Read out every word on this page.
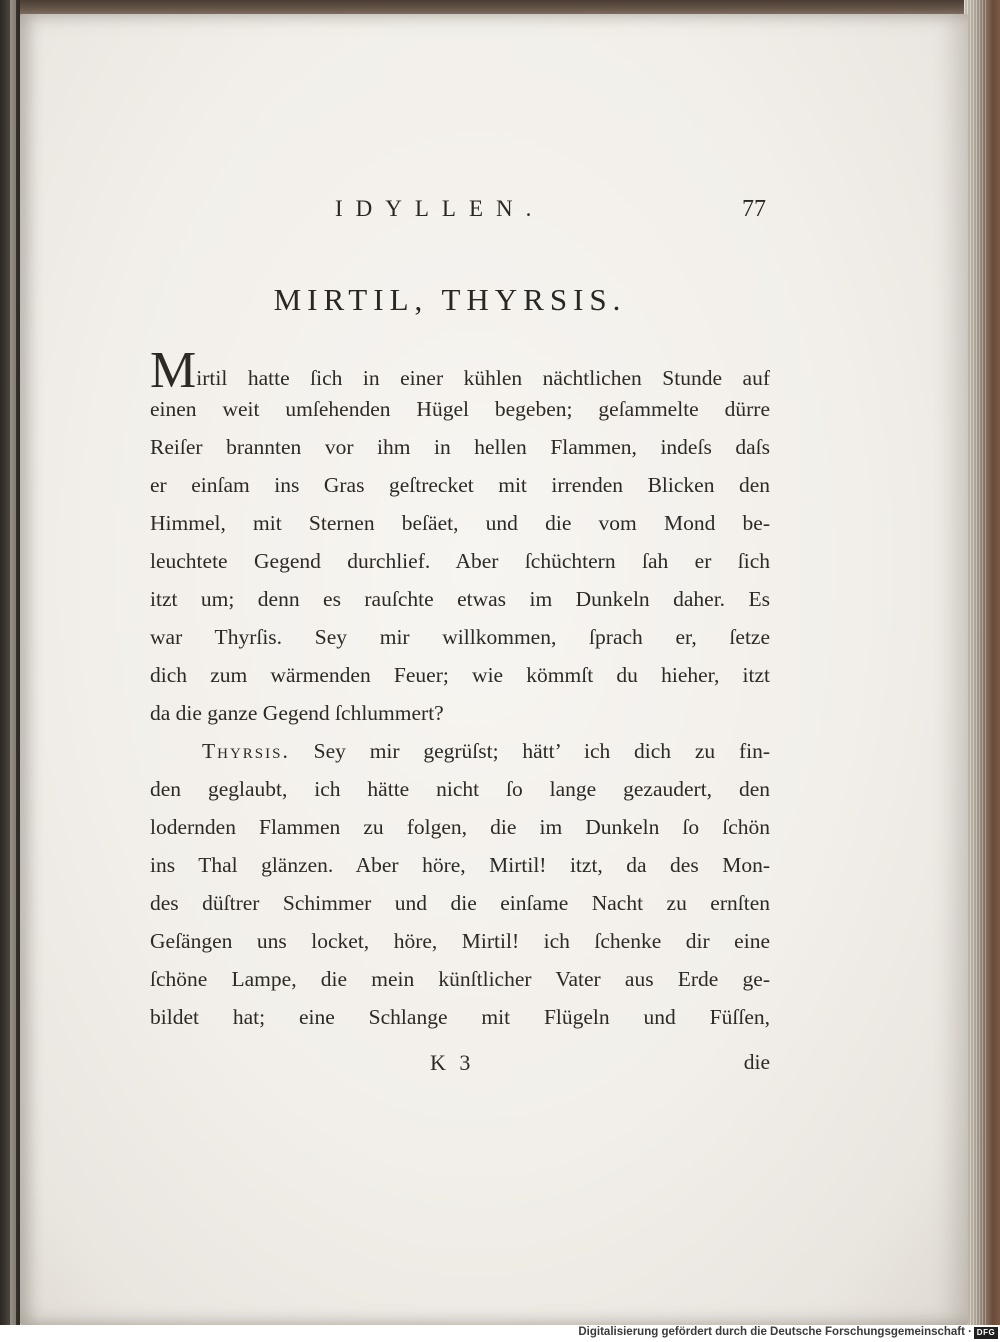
IDYLLEN.	77
MIRTIL, THYRSIS.
Mirtil hatte ſich in einer kühlen nächtlichen Stunde auf
einen weit umſehenden Hügel begeben; geſammelte dürre
Reiſer brannten vor ihm in hellen Flammen, indeſs daſs
er einſam ins Gras geſtrecket mit irrenden Blicken den
Himmel, mit Sternen beſäet, und die vom Mond be-
leuchtete Gegend durchlief. Aber ſchüchtern ſah er ſich
itzt um; denn es rauſchte etwas im Dunkeln daher. Es
war Thyrſis. Sey mir willkommen, ſprach er, ſetze
dich zum wärmenden Feuer; wie kömmſt du hieher, itzt
da die ganze Gegend ſchlummert?
Thyrsis. Sey mir gegrüſst; hätt’ ich dich zu fin-
den geglaubt, ich hätte nicht ſo lange gezaudert, den
lodernden Flammen zu folgen, die im Dunkeln ſo ſchön
ins Thal glänzen. Aber höre, Mirtil! itzt, da des Mon-
des düſtrer Schimmer und die einſame Nacht zu ernſten
Geſängen uns locket, höre, Mirtil! ich ſchenke dir eine
ſchöne Lampe, die mein künſtlicher Vater aus Erde ge-
bildet hat; eine Schlange mit Flügeln und Füſſen,
K 3	die
Digitalisierung gefördert durch die Deutsche Forschungsgemeinschaft · DFG
